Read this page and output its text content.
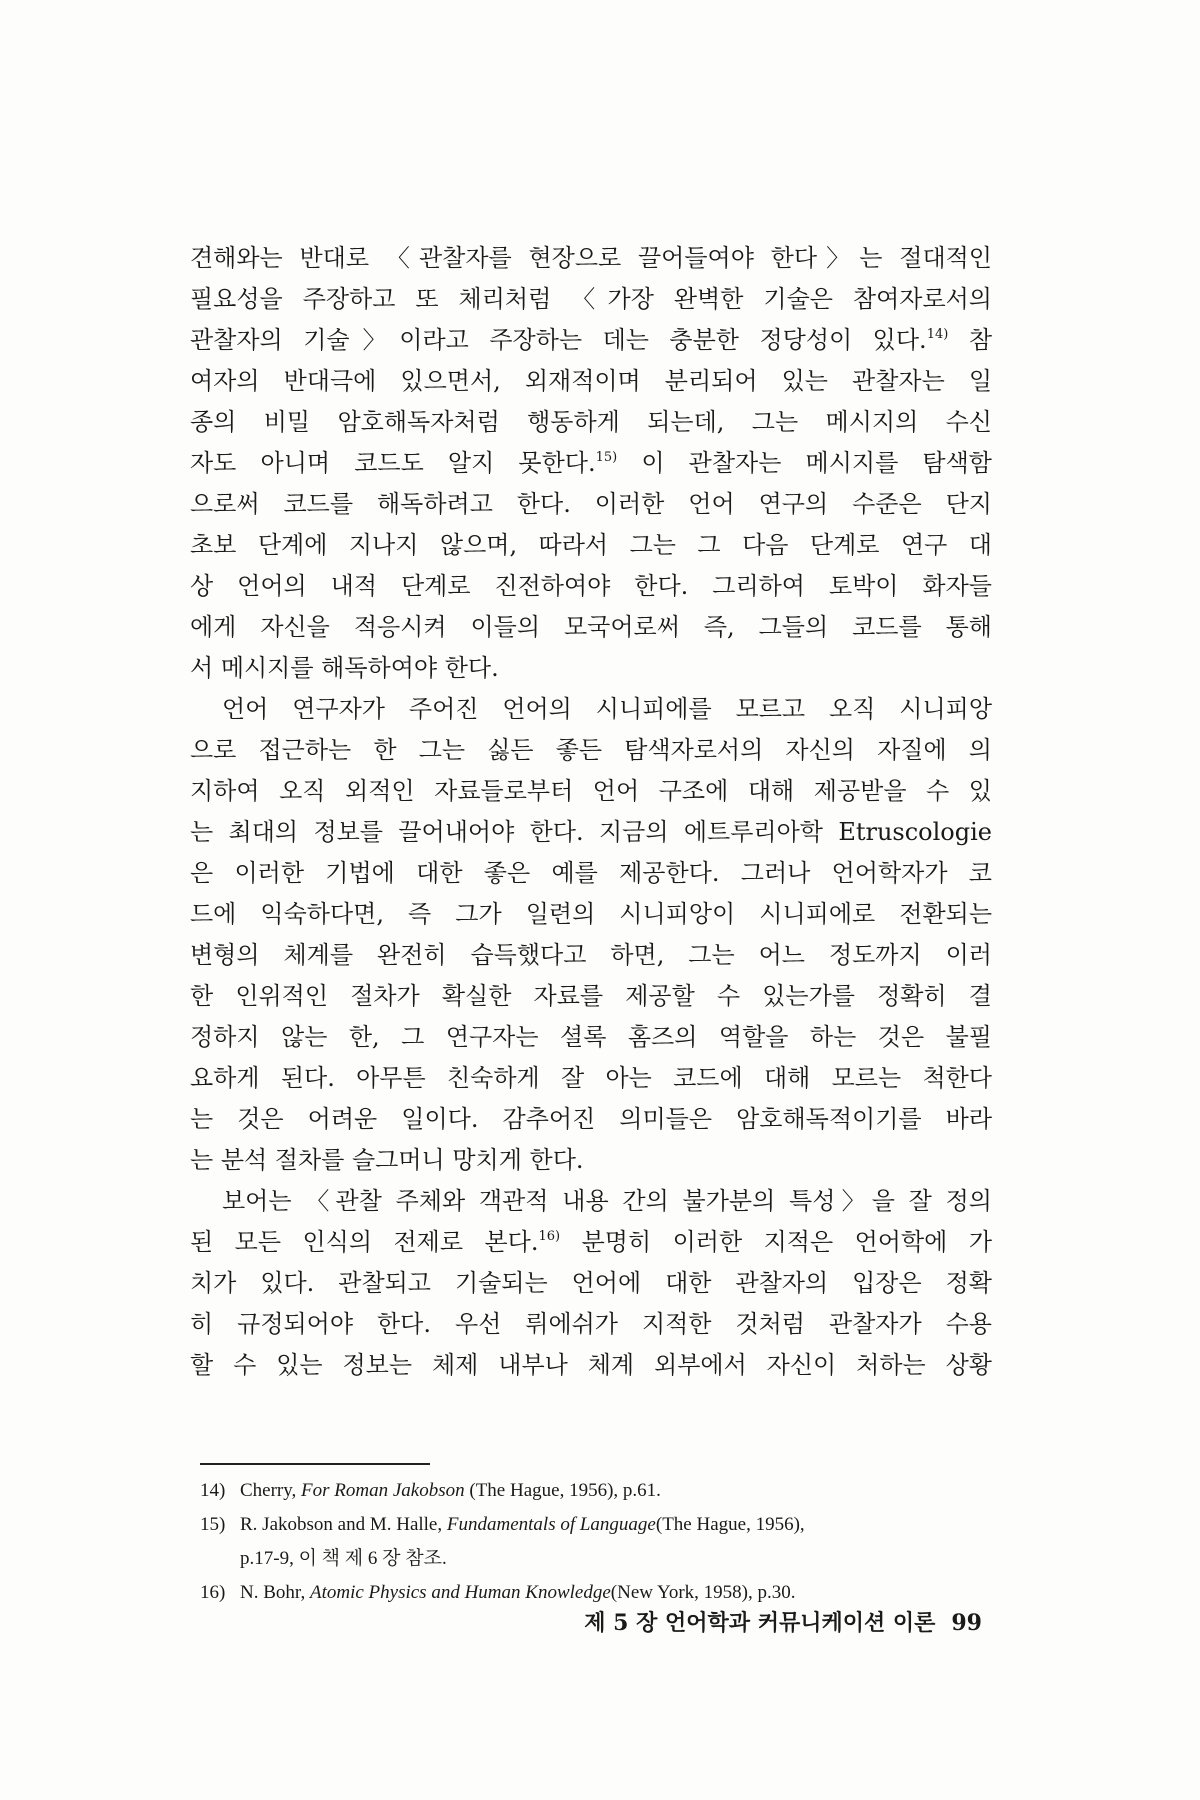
견해와는 반대로 〈관찰자를 현장으로 끌어들여야 한다〉는 절대적인
필요성을 주장하고 또 체리처럼 〈가장 완벽한 기술은 참여자로서의
관찰자의 기술〉이라고 주장하는 데는 충분한 정당성이 있다.$^{14)}$ 참
여자의 반대극에 있으면서, 외재적이며 분리되어 있는 관찰자는 일
종의 비밀 암호해독자처럼 행동하게 되는데, 그는 메시지의 수신
자도 아니며 코드도 알지 못한다.$^{15)}$ 이 관찰자는 메시지를 탐색함
으로써 코드를 해독하려고 한다. 이러한 언어 연구의 수준은 단지
초보 단계에 지나지 않으며, 따라서 그는 그 다음 단계로 연구 대
상 언어의 내적 단계로 진전하여야 한다. 그리하여 토박이 화자들
에게 자신을 적응시켜 이들의 모국어로써 즉, 그들의 코드를 통해
서 메시지를 해독하여야 한다.
언어 연구자가 주어진 언어의 시니피에를 모르고 오직 시니피앙
으로 접근하는 한 그는 싫든 좋든 탐색자로서의 자신의 자질에 의
지하여 오직 외적인 자료들로부터 언어 구조에 대해 제공받을 수 있
는 최대의 정보를 끌어내어야 한다. 지금의 에트루리아학 Etruscologie
은 이러한 기법에 대한 좋은 예를 제공한다. 그러나 언어학자가 코
드에 익숙하다면, 즉 그가 일련의 시니피앙이 시니피에로 전환되는
변형의 체계를 완전히 습득했다고 하면, 그는 어느 정도까지 이러
한 인위적인 절차가 확실한 자료를 제공할 수 있는가를 정확히 결
정하지 않는 한, 그 연구자는 셜록 홈즈의 역할을 하는 것은 불필
요하게 된다. 아무튼 친숙하게 잘 아는 코드에 대해 모르는 척한다
는 것은 어려운 일이다. 감추어진 의미들은 암호해독적이기를 바라
는 분석 절차를 슬그머니 망치게 한다.
보어는 〈관찰 주체와 객관적 내용 간의 불가분의 특성〉을 잘 정의
된 모든 인식의 전제로 본다.$^{16)}$ 분명히 이러한 지적은 언어학에 가
치가 있다. 관찰되고 기술되는 언어에 대한 관찰자의 입장은 정확
히 규정되어야 한다. 우선 뤼에쉬가 지적한 것처럼 관찰자가 수용
할 수 있는 정보는 체제 내부나 체계 외부에서 자신이 처하는 상황
14) Cherry, For Roman Jakobson (The Hague, 1956), p.61.
15) R. Jakobson and M. Halle, Fundamentals of Language(The Hague, 1956),
p.17-9, 이 책 제 6 장 참조.
16) N. Bohr, Atomic Physics and Human Knowledge(New York, 1958), p.30.
제 5 장 언어학과 커뮤니케이션 이론 99
